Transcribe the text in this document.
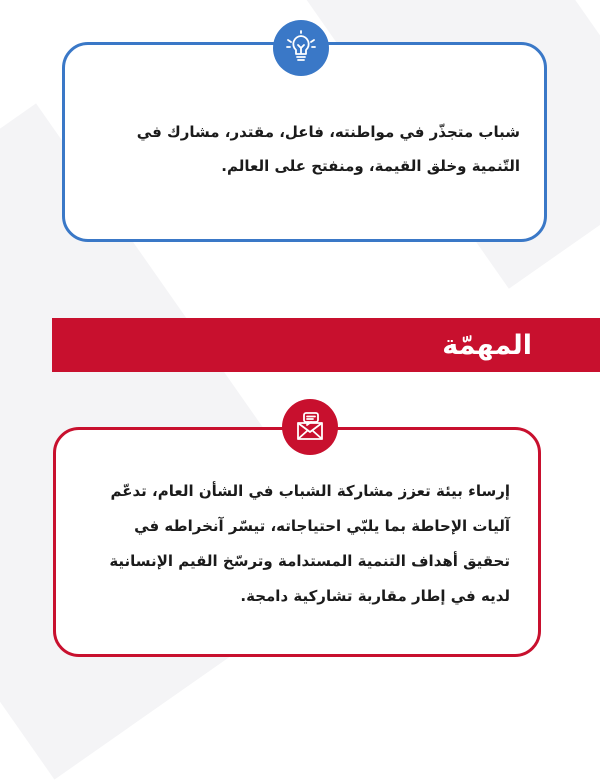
شباب متجذّر في مواطنته، فاعل، مقتدر، مشارك في
التّنمية وخلق القيمة، ومنفتح على العالم.
المهمّة
إرساء بيئة تعزز مشاركة الشباب في الشأن العام، تدعّم
آليات الإحاطة بما يلبّي احتياجاته، تيسّر آنخراطه في
تحقيق أهداف التنمية المستدامة وترسّخ القيم الإنسانية
لديه في إطار مقاربة تشاركية دامجة.
